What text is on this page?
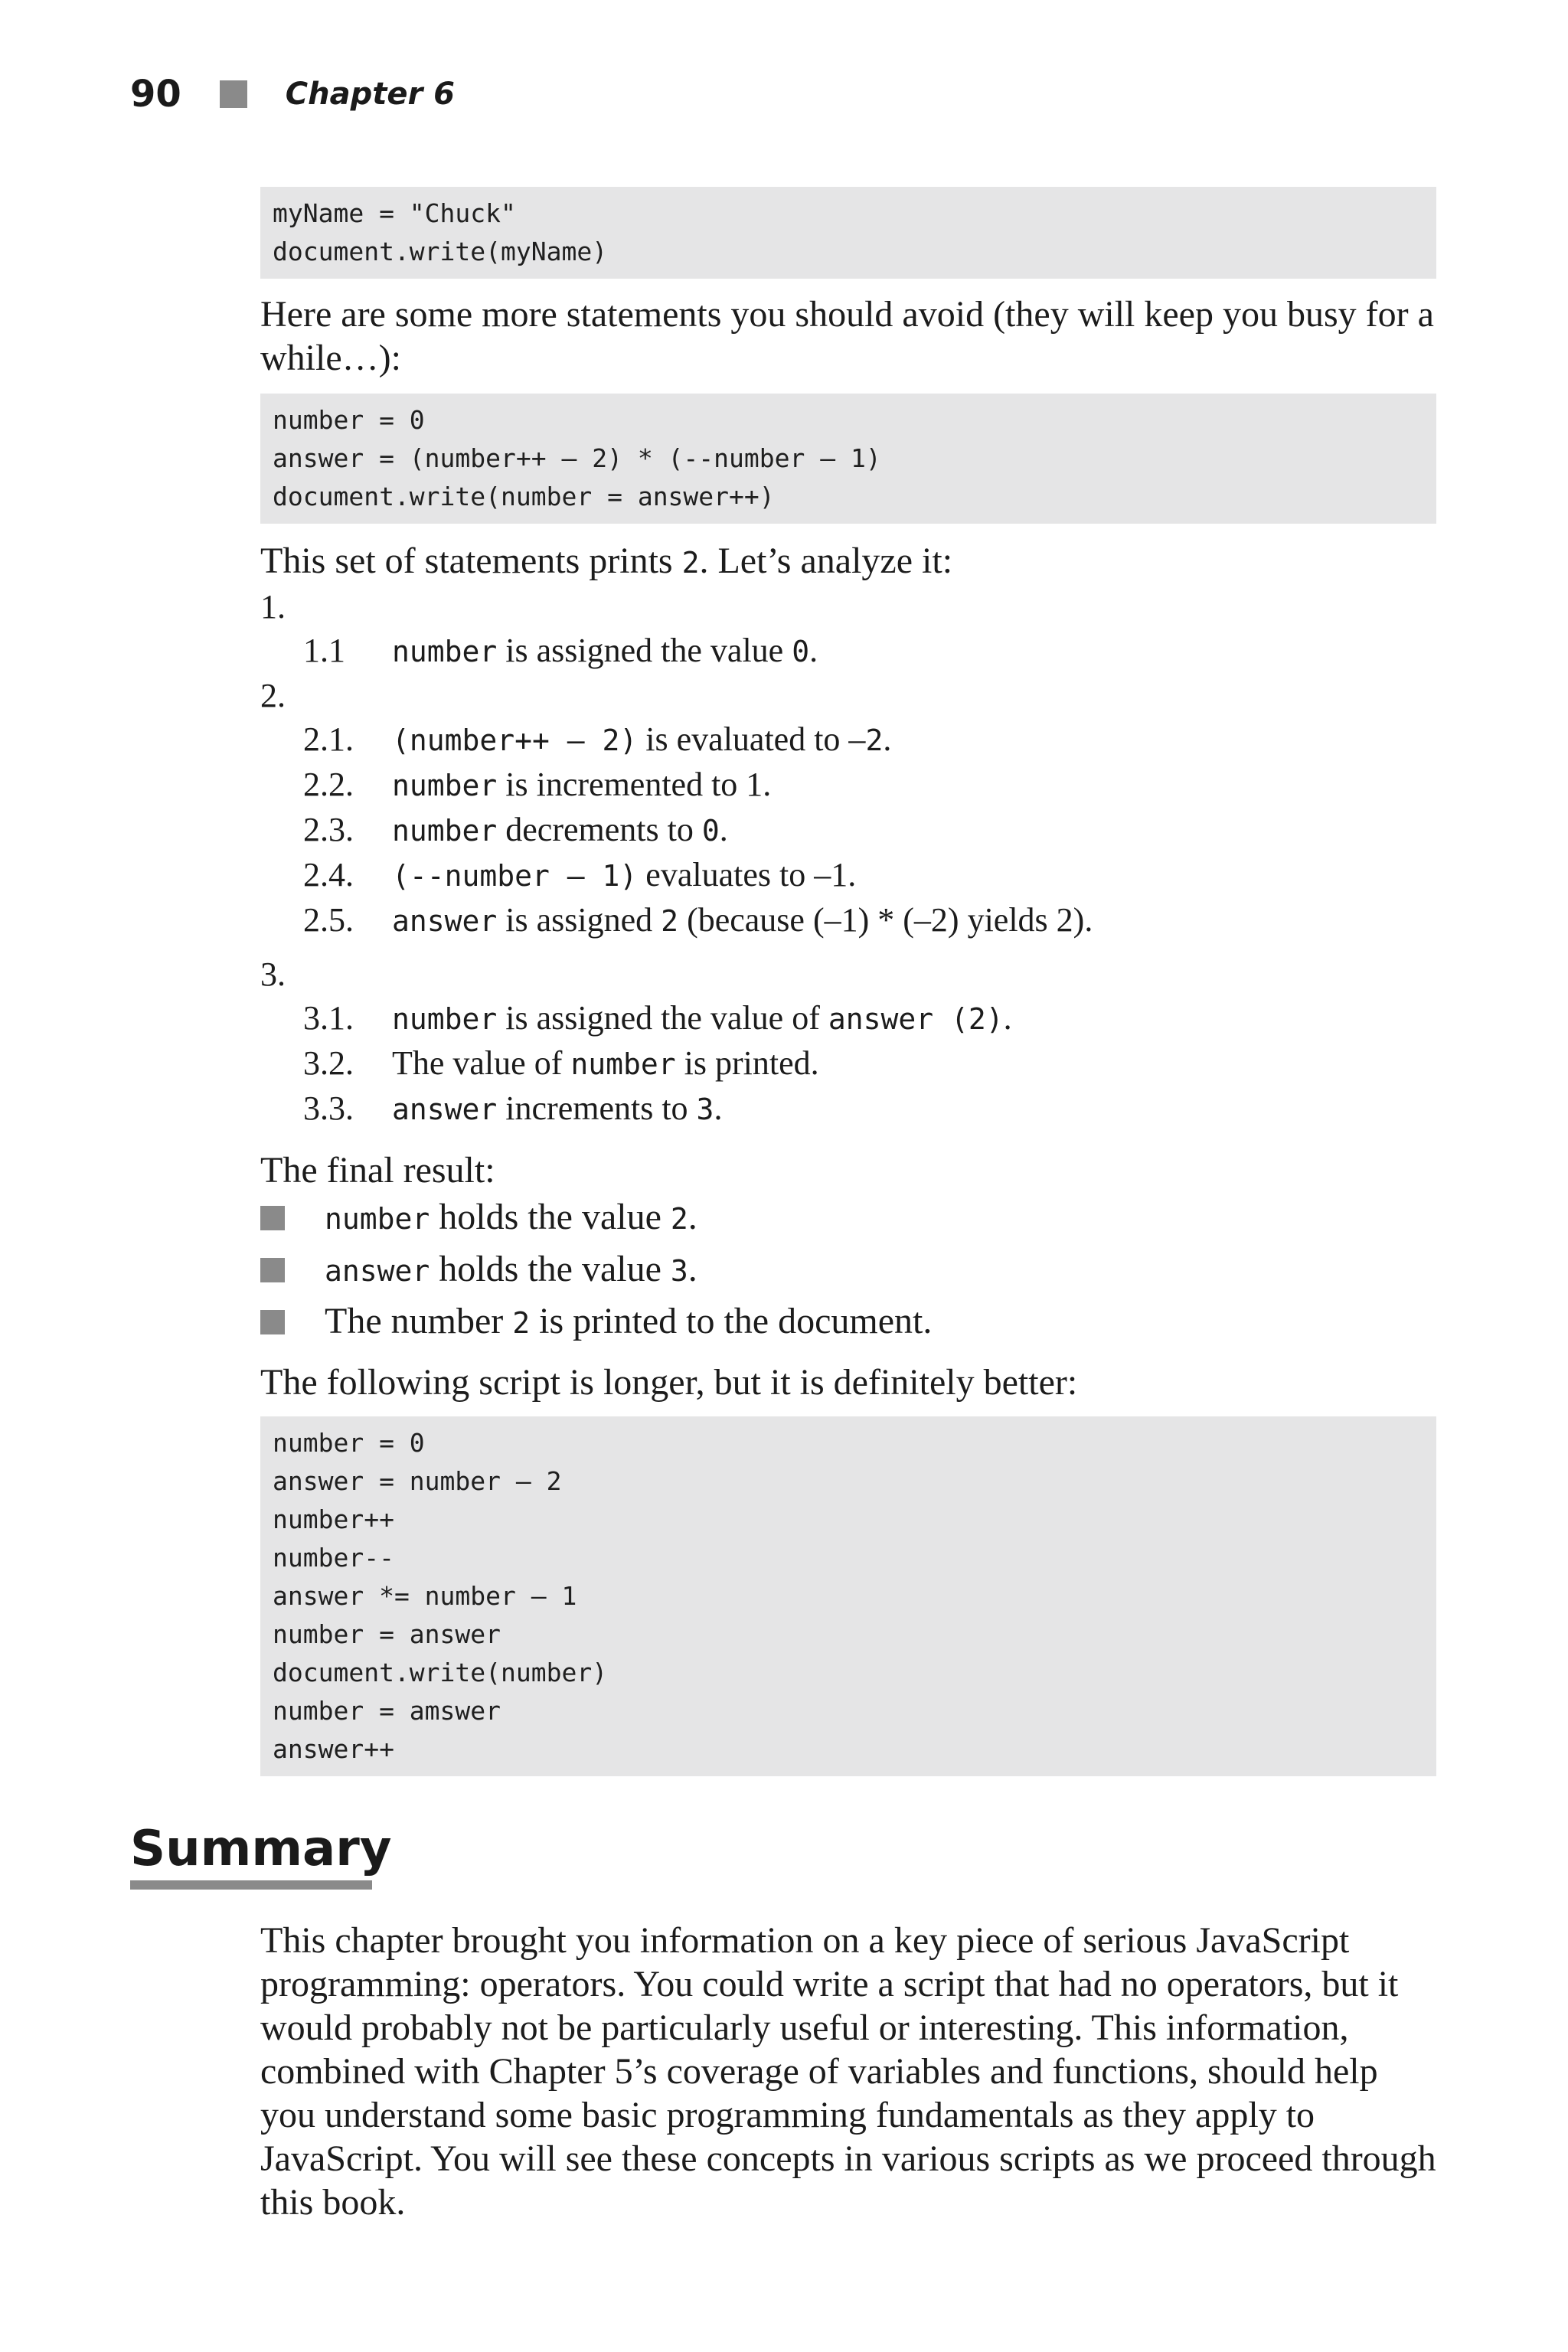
90	Chapter 6
myName = "Chuck"
document.write(myName)

Here are some more statements you should avoid (they will keep you busy for a while…):

number = 0
answer = (number++ – 2) * (--number – 1)
document.write(number = answer++)

This set of statements prints 2. Let’s analyze it:

1.

1.1	number is assigned the value 0.

2.

2.1.	(number++ – 2) is evaluated to –2.
2.2.	number is incremented to 1.
2.3.	number decrements to 0.
2.4.	(--number – 1) evaluates to –1.
2.5.	answer is assigned 2 (because (–1) * (–2) yields 2).

3.

3.1.	number is assigned the value of answer (2).
3.2.	The value of number is printed.
3.3.	answer increments to 3.

The final result:

number holds the value 2.
answer holds the value 3.
The number 2 is printed to the document.

The following script is longer, but it is definitely better:

number = 0
answer = number – 2
number++
number--
answer *= number – 1
number = answer
document.write(number)
number = amswer
answer++
Summary

This chapter brought you information on a key piece of serious JavaScript programming: operators. You could write a script that had no operators, but it would probably not be particularly useful or interesting. This information, combined with Chapter 5’s coverage of variables and functions, should help you understand some basic programming fundamentals as they apply to JavaScript. You will see these concepts in various scripts as we proceed through this book.
